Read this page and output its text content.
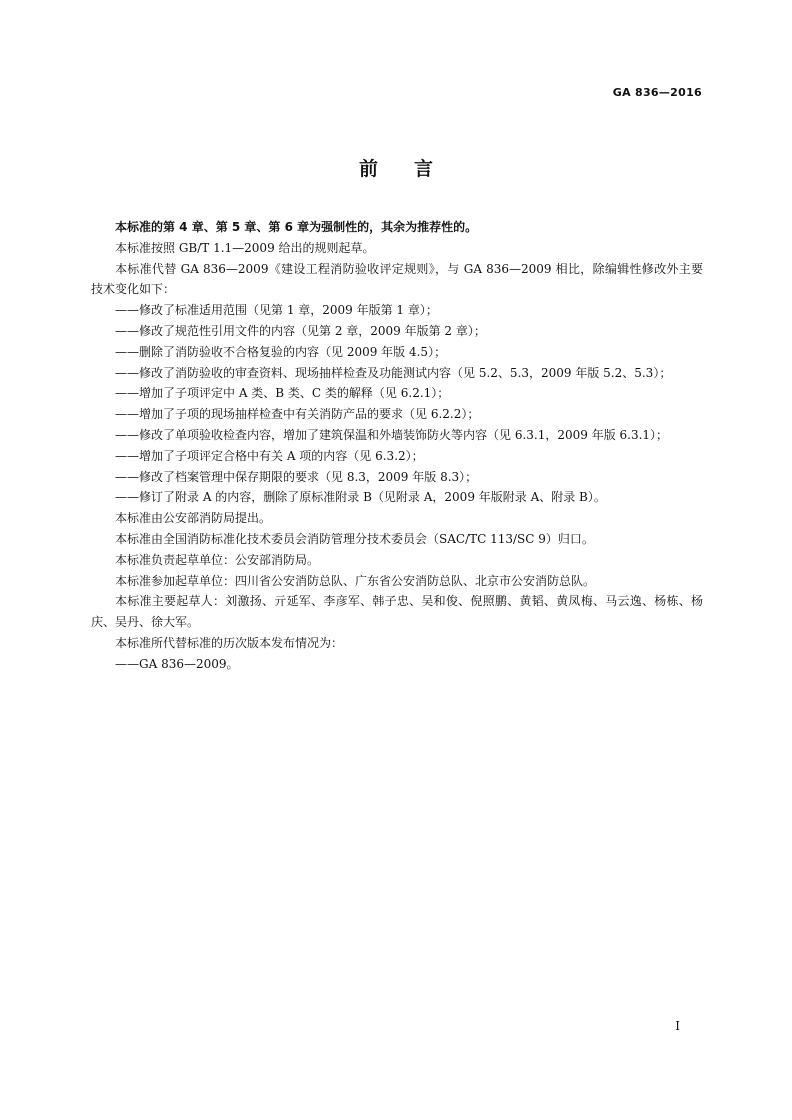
GA 836—2016
前言

本标准的第 4 章、第 5 章、第 6 章为强制性的，其余为推荐性的。

本标准按照 GB/T 1.1—2009 给出的规则起草。

本标准代替 GA 836—2009《建设工程消防验收评定规则》，与 GA 836—2009 相比，除编辑性修改外主要技术变化如下：

——修改了标准适用范围（见第 1 章，2009 年版第 1 章）；

——修改了规范性引用文件的内容（见第 2 章，2009 年版第 2 章）；

——删除了消防验收不合格复验的内容（见 2009 年版 4.5）；

——修改了消防验收的审查资料、现场抽样检查及功能测试内容（见 5.2、5.3，2009 年版 5.2、5.3）；

——增加了子项评定中 A 类、B 类、C 类的解释（见 6.2.1）；

——增加了子项的现场抽样检查中有关消防产品的要求（见 6.2.2）；

——修改了单项验收检查内容，增加了建筑保温和外墙装饰防火等内容（见 6.3.1，2009 年版 6.3.1）；

——增加了子项评定合格中有关 A 项的内容（见 6.3.2）；

——修改了档案管理中保存期限的要求（见 8.3，2009 年版 8.3）；

——修订了附录 A 的内容，删除了原标准附录 B（见附录 A，2009 年版附录 A、附录 B）。

本标准由公安部消防局提出。

本标准由全国消防标准化技术委员会消防管理分技术委员会（SAC/TC 113/SC 9）归口。

本标准负责起草单位：公安部消防局。

本标准参加起草单位：四川省公安消防总队、广东省公安消防总队、北京市公安消防总队。

本标准主要起草人：刘激扬、亓延军、李彦军、韩子忠、吴和俊、倪照鹏、黄韬、黄凤梅、马云逸、杨栋、杨庆、吴丹、徐大军。

本标准所代替标准的历次版本发布情况为：

——GA 836—2009。

I
